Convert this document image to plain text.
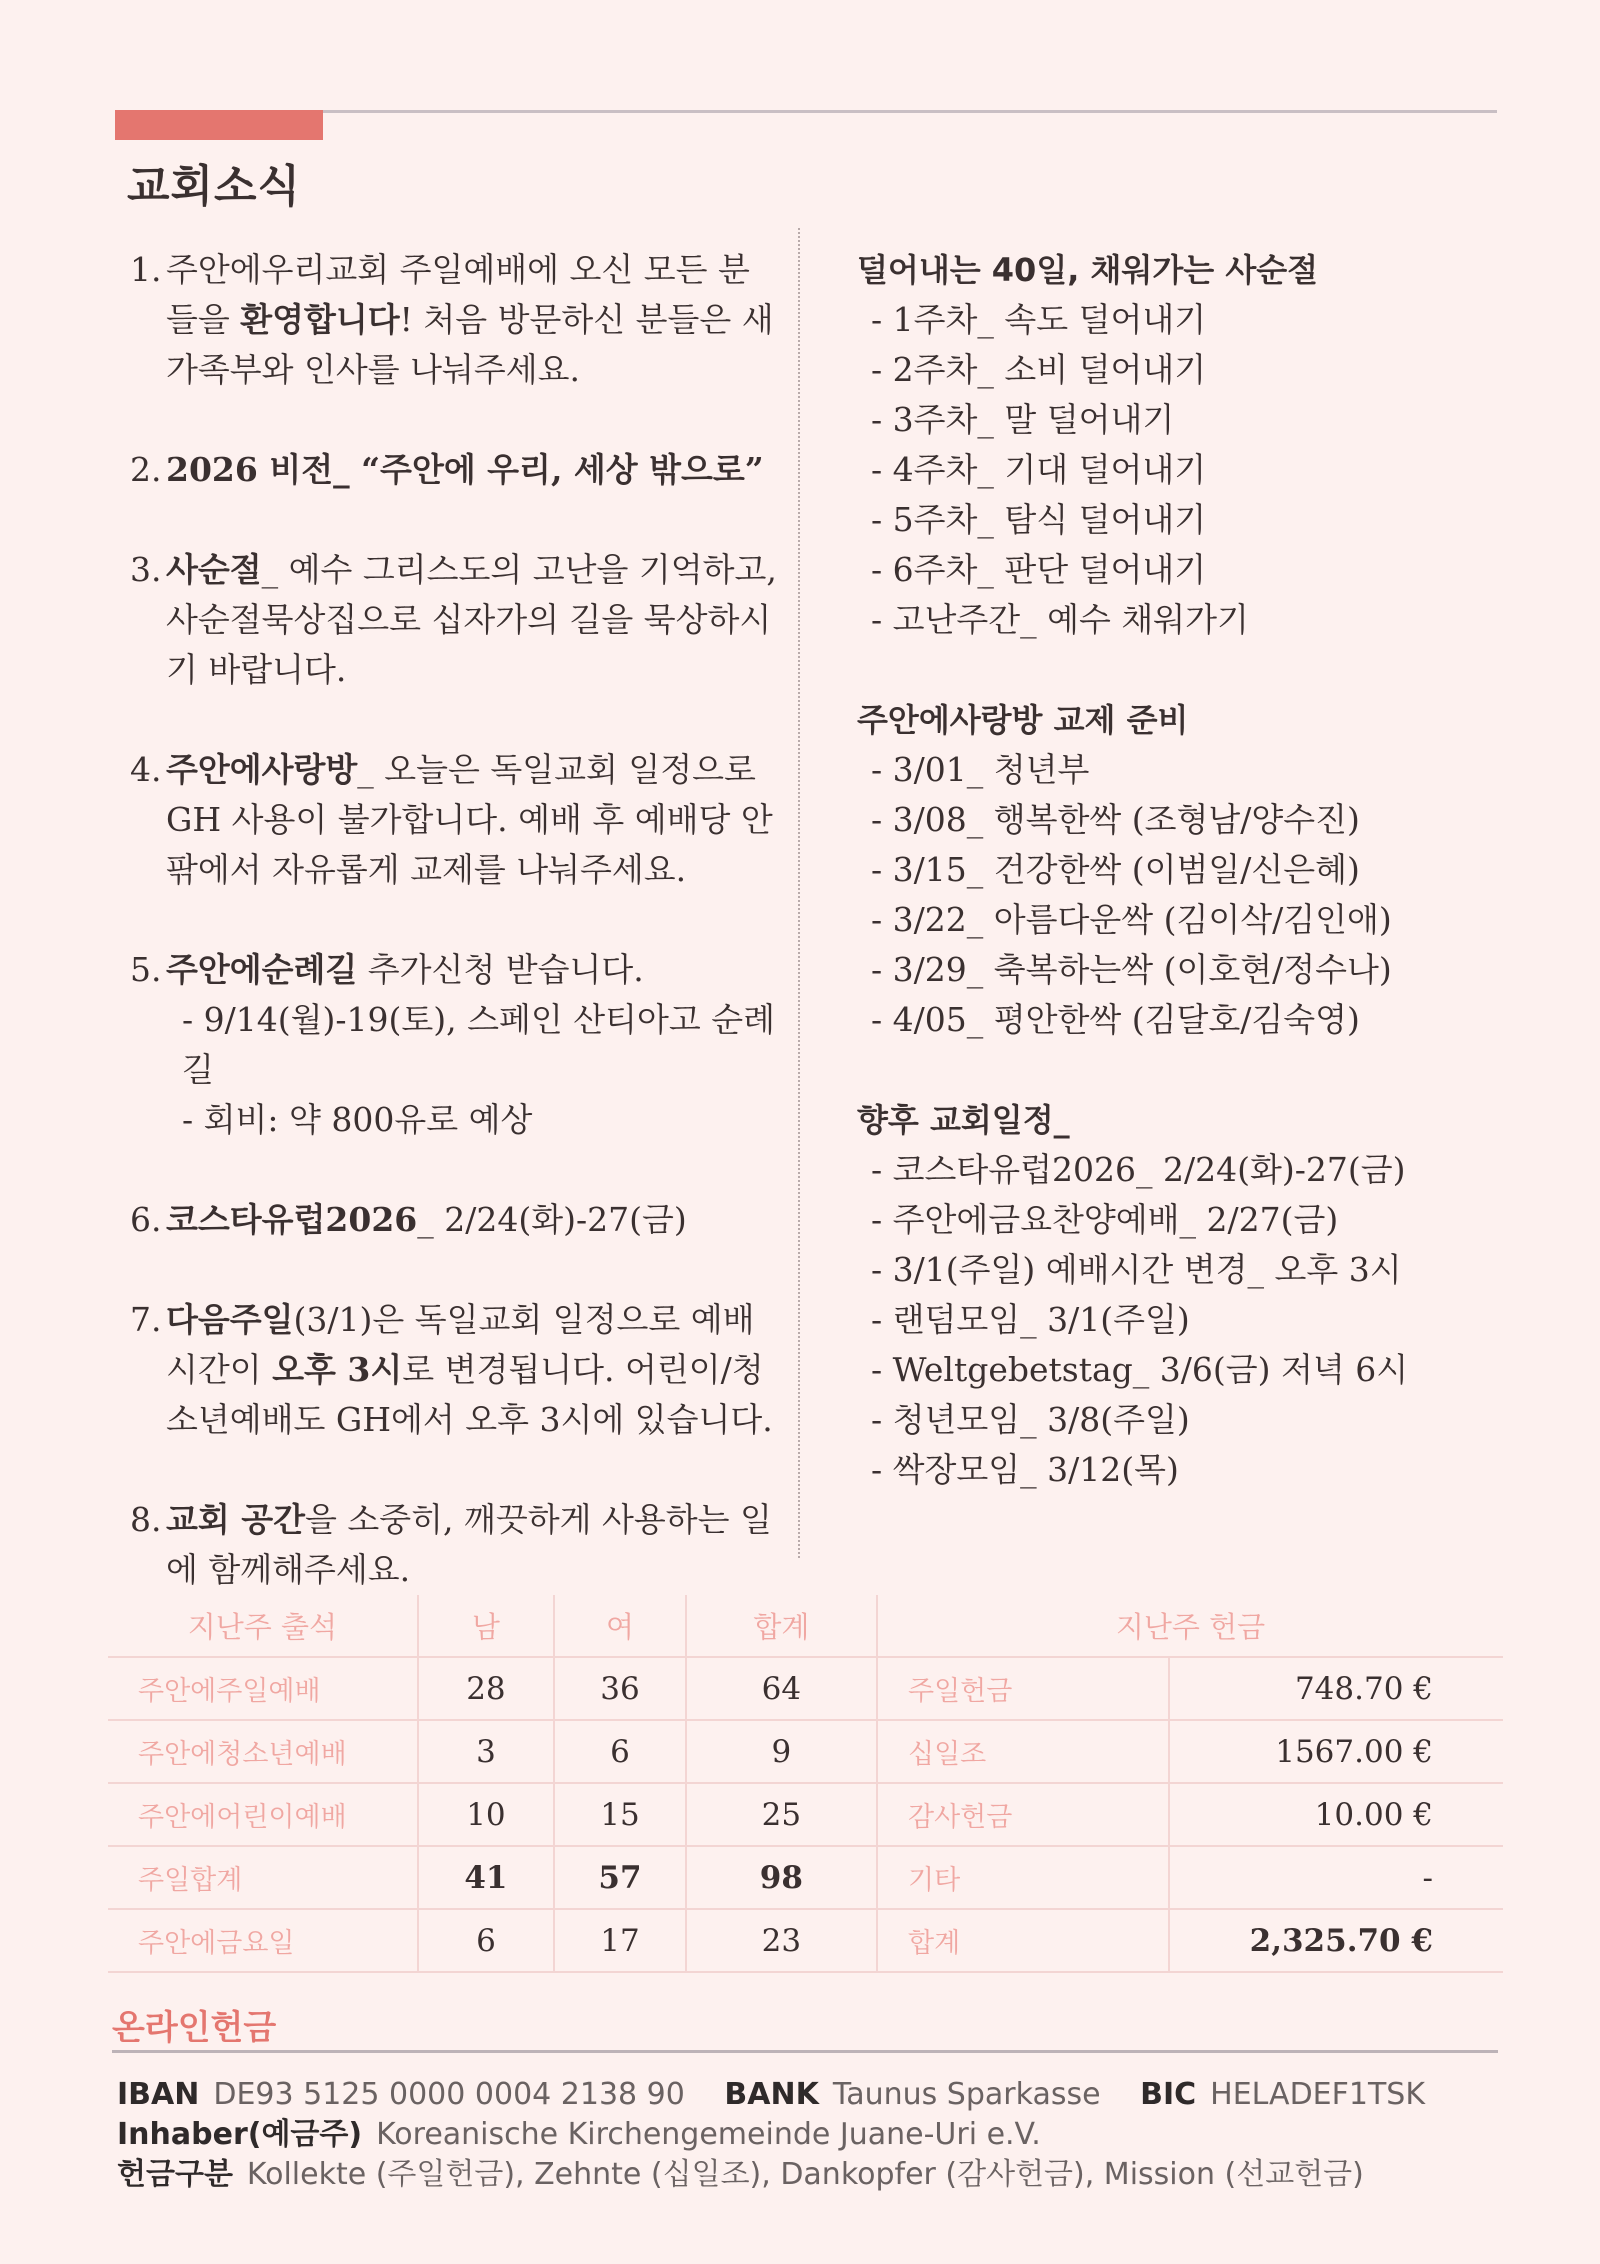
교회소식
1. 주안에우리교회 주일예배에 오신 모든 분들을 환영합니다! 처음 방문하신 분들은 새가족부와 인사를 나눠주세요.
2. 2026 비전_ “주안에 우리, 세상 밖으로”
3. 사순절_ 예수 그리스도의 고난을 기억하고, 사순절묵상집으로 십자가의 길을 묵상하시기 바랍니다.
4. 주안에사랑방_ 오늘은 독일교회 일정으로 GH 사용이 불가합니다. 예배 후 예배당 안팎에서 자유롭게 교제를 나눠주세요.
5. 주안에순례길 추가신청 받습니다.
- 9/14(월)-19(토), 스페인 산티아고 순례길
- 회비: 약 800유로 예상
6. 코스타유럽2026_ 2/24(화)-27(금)
7. 다음주일(3/1)은 독일교회 일정으로 예배시간이 오후 3시로 변경됩니다. 어린이/청소년예배도 GH에서 오후 3시에 있습니다.
8. 교회 공간을 소중히, 깨끗하게 사용하는 일에 함께해주세요.
덜어내는 40일, 채워가는 사순절
- 1주차_ 속도 덜어내기
- 2주차_ 소비 덜어내기
- 3주차_ 말 덜어내기
- 4주차_ 기대 덜어내기
- 5주차_ 탐식 덜어내기
- 6주차_ 판단 덜어내기
- 고난주간_ 예수 채워가기
주안에사랑방 교제 준비
- 3/01_ 청년부
- 3/08_ 행복한싹 (조형남/양수진)
- 3/15_ 건강한싹 (이범일/신은혜)
- 3/22_ 아름다운싹 (김이삭/김인애)
- 3/29_ 축복하는싹 (이호현/정수나)
- 4/05_ 평안한싹 (김달호/김숙영)
향후 교회일정_
- 코스타유럽2026_ 2/24(화)-27(금)
- 주안에금요찬양예배_ 2/27(금)
- 3/1(주일) 예배시간 변경_ 오후 3시
- 랜덤모임_ 3/1(주일)
- Weltgebetstag_ 3/6(금) 저녁 6시
- 청년모임_ 3/8(주일)
- 싹장모임_ 3/12(목)
지난주 출석	남	여	합계
주안에주일예배	28	36	64
주안에청소년예배	3	6	9
주안에어린이예배	10	15	25
주일합계	41	57	98
주안에금요일	6	17	23
지난주 헌금	
주일헌금	748.70 €
십일조	1567.00 €
감사헌금	10.00 €
기타	-
합계	2,325.70 €
온라인헌금
IBAN DE93 5125 0000 0004 2138 90 BANK Taunus Sparkasse BIC HELADEF1TSK
Inhaber(예금주) Koreanische Kirchengemeinde Juane-Uri e.V.
헌금구분 Kollekte (주일헌금), Zehnte (십일조), Dankopfer (감사헌금), Mission (선교헌금)
